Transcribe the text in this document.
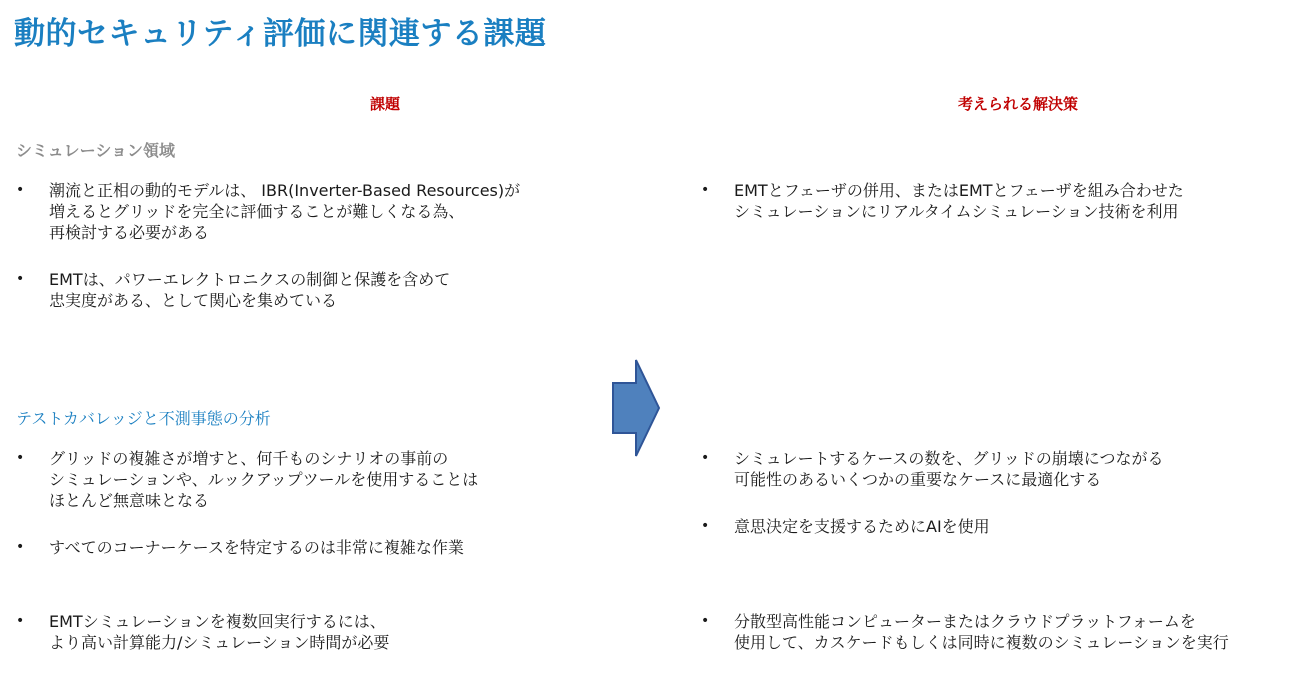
動的セキュリティ評価に関連する課題
課題	考えられる解決策
シミュレーション領域
テストカバレッジと不測事態の分析
• 潮流と正相の動的モデルは、 IBR(Inverter-Based Resources)が
増えるとグリッドを完全に評価することが難しくなる為、
再検討する必要がある
• EMTは、パワーエレクトロニクスの制御と保護を含めて
忠実度がある、として関心を集めている
• グリッドの複雑さが増すと、何千ものシナリオの事前の
シミュレーションや、ルックアップツールを使用することは
ほとんど無意味となる
• すべてのコーナーケースを特定するのは非常に複雑な作業
• EMTシミュレーションを複数回実行するには、
より高い計算能力/シミュレーション時間が必要
• EMTとフェーザの併用、またはEMTとフェーザを組み合わせた
シミュレーションにリアルタイムシミュレーション技術を利用
• シミュレートするケースの数を、グリッドの崩壊につながる
可能性のあるいくつかの重要なケースに最適化する
• 意思決定を支援するためにAIを使用
• 分散型高性能コンピューターまたはクラウドプラットフォームを
使用して、カスケードもしくは同時に複数のシミュレーションを実行
